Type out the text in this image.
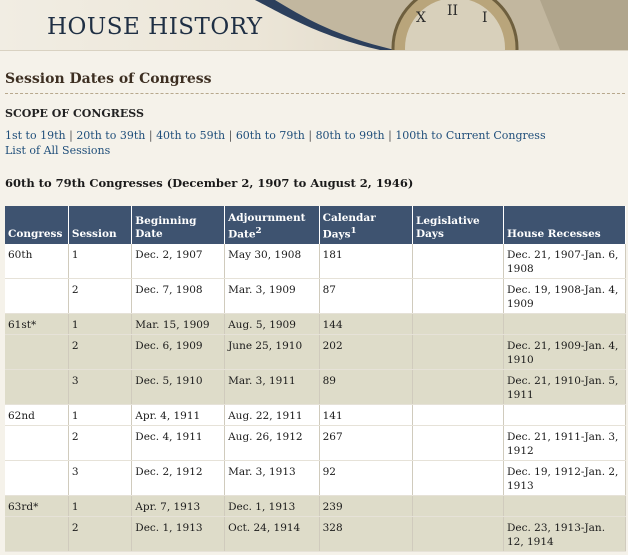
X II I
HOUSE HISTORY
Session Dates of Congress
SCOPE OF CONGRESS
1st to 19th | 20th to 39th | 40th to 59th | 60th to 79th | 80th to 99th | 100th to Current Congress
List of All Sessions
60th to 79th Congresses (December 2, 1907 to August 2, 1946)
Congress	Session	Beginning Date	Adjournment Date$^2$	Calendar Days$^1$	Legislative Days	House Recesses
60th	1	Dec. 2, 1907	May 30, 1908	181		Dec. 21, 1907-Jan. 6, 1908
	2	Dec. 7, 1908	Mar. 3, 1909	87		Dec. 19, 1908-Jan. 4, 1909
61st*	1	Mar. 15, 1909	Aug. 5, 1909	144		
	2	Dec. 6, 1909	June 25, 1910	202		Dec. 21, 1909-Jan. 4, 1910
	3	Dec. 5, 1910	Mar. 3, 1911	89		Dec. 21, 1910-Jan. 5, 1911
62nd	1	Apr. 4, 1911	Aug. 22, 1911	141		
	2	Dec. 4, 1911	Aug. 26, 1912	267		Dec. 21, 1911-Jan. 3, 1912
	3	Dec. 2, 1912	Mar. 3, 1913	92		Dec. 19, 1912-Jan. 2, 1913
63rd*	1	Apr. 7, 1913	Dec. 1, 1913	239		
	2	Dec. 1, 1913	Oct. 24, 1914	328		Dec. 23, 1913-Jan. 12, 1914
